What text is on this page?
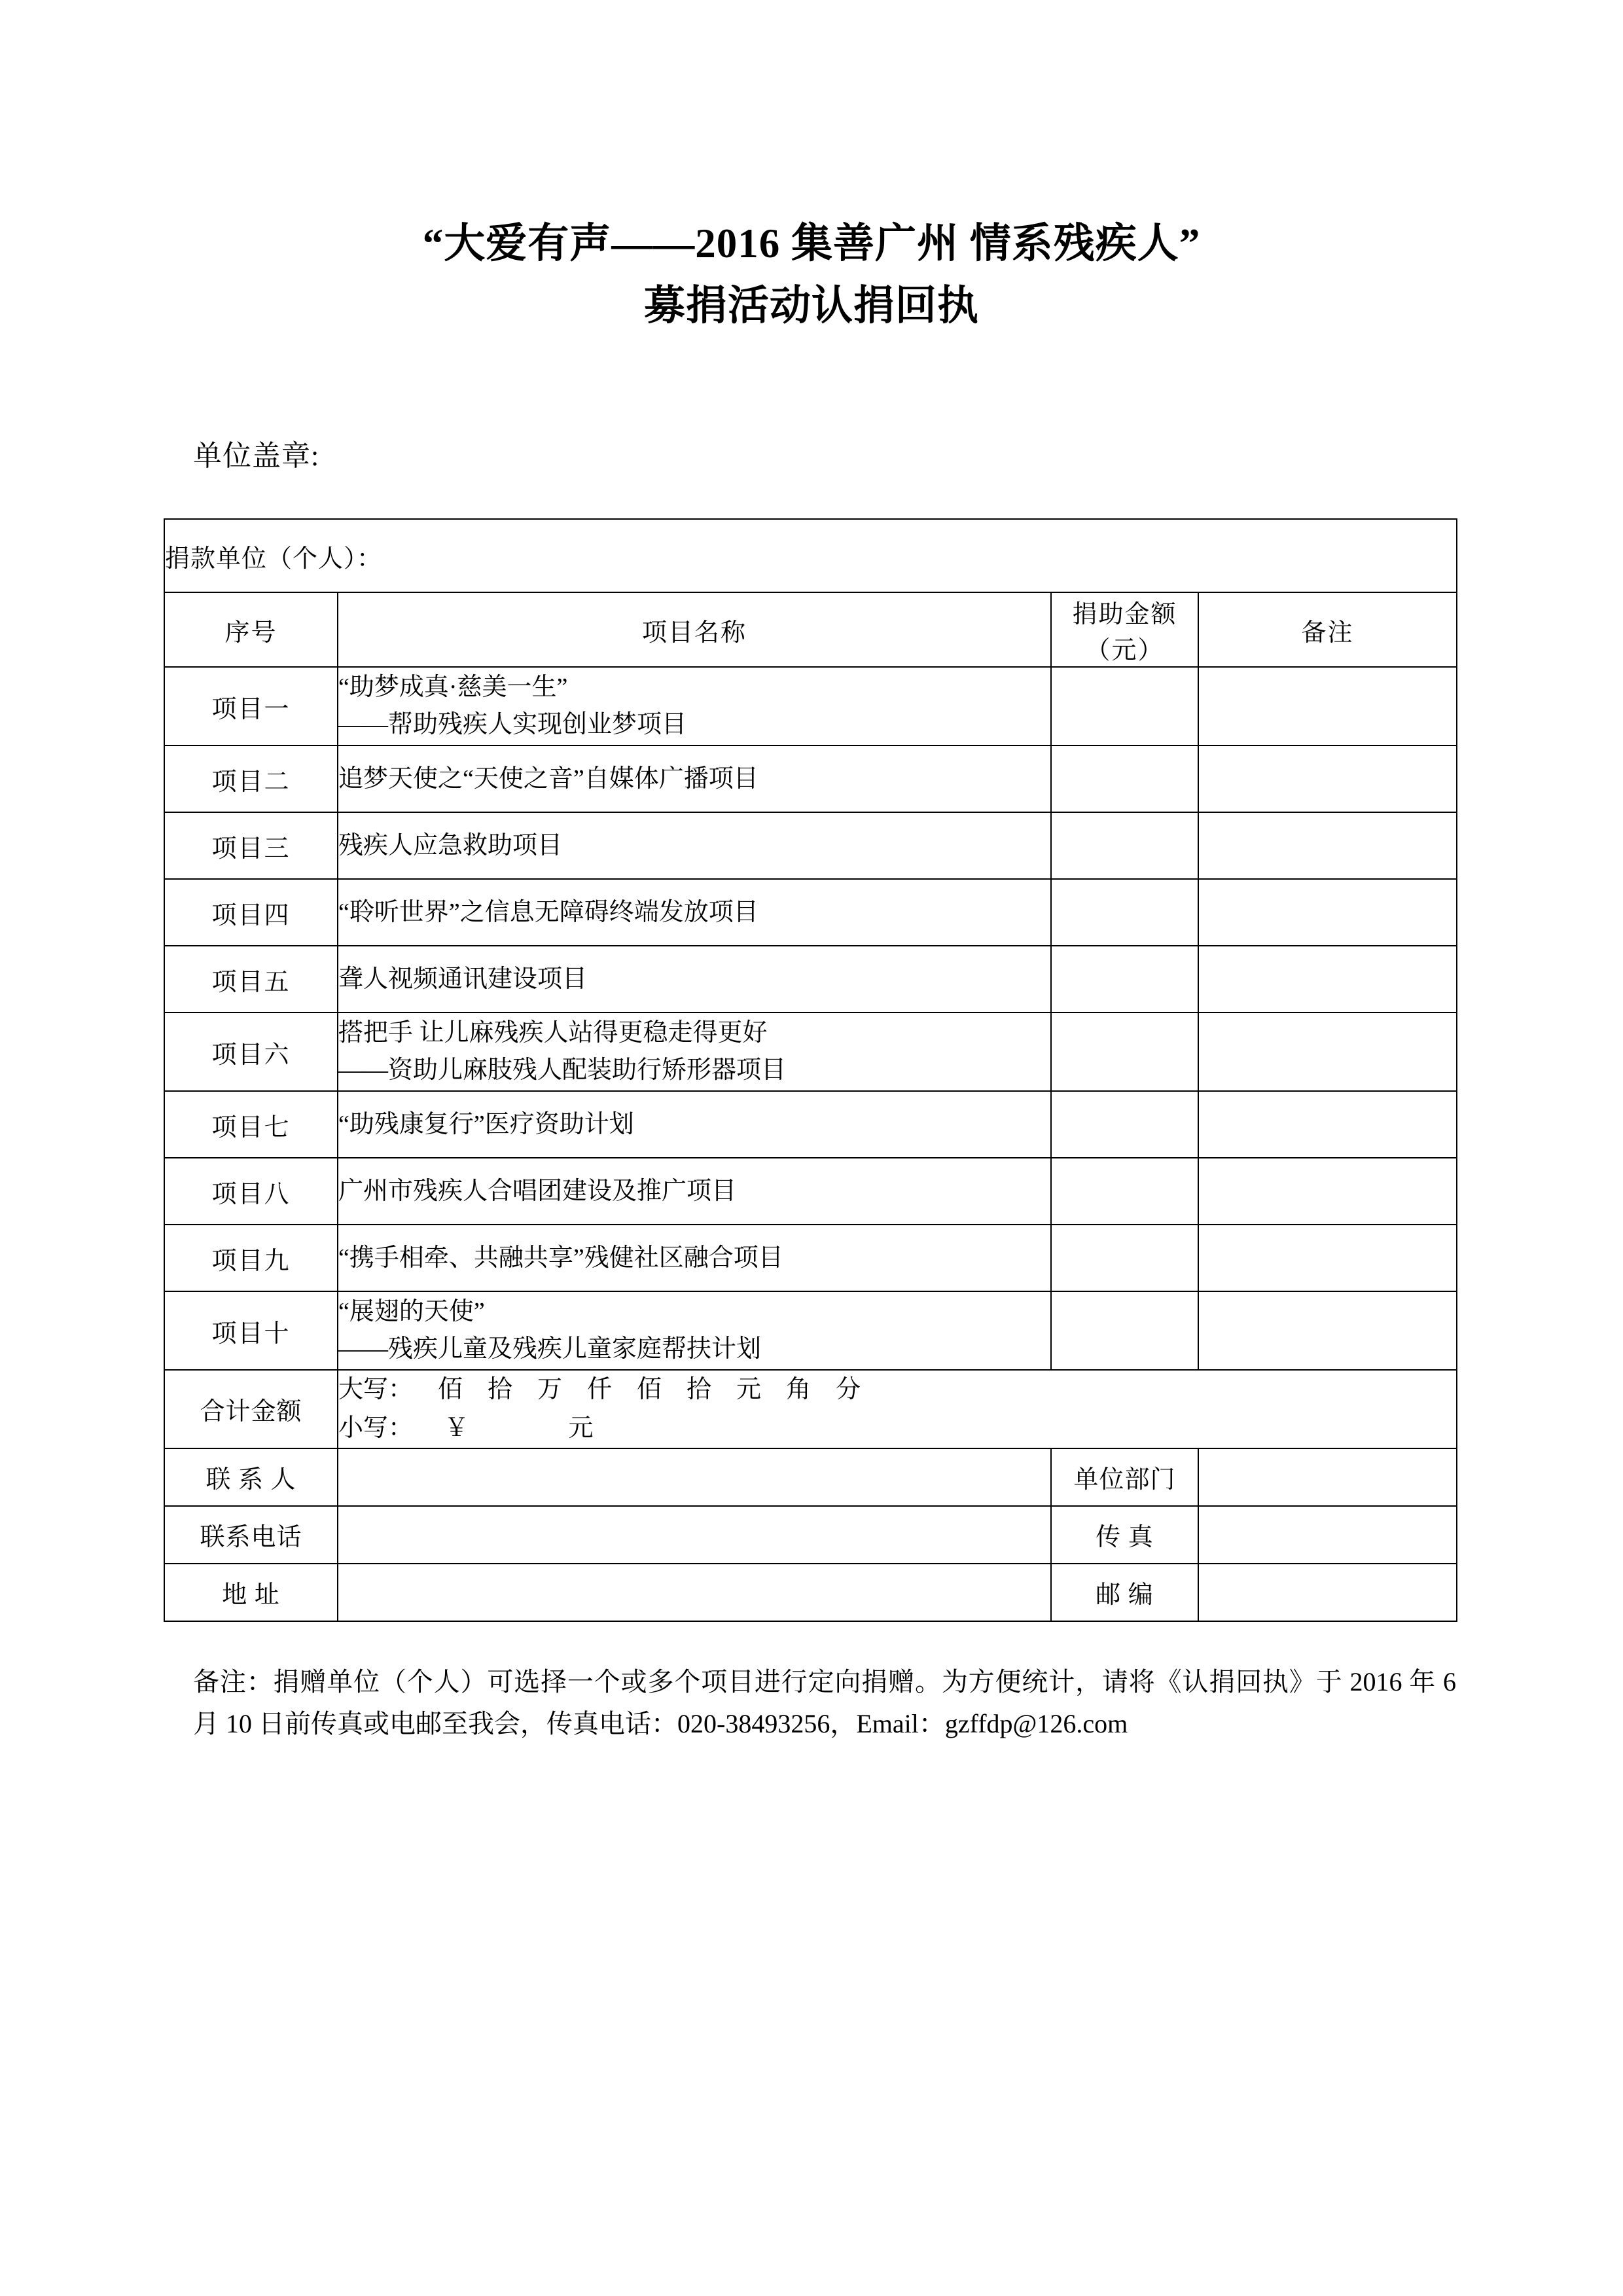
“大爱有声——2016 集善广州 情系残疾人”
募捐活动认捐回执
单位盖章:
捐款单位（个人）：			
序号	项目名称	捐助金额（元）	备注
项目一	“助梦成真·慈美一生”
——帮助残疾人实现创业梦项目		

项目二	追梦天使之“天使之音”自媒体广播项目		
项目三	残疾人应急救助项目		
项目四	“聆听世界”之信息无障碍终端发放项目		
项目五	聋人视频通讯建设项目		
项目六	搭把手 让儿麻残疾人站得更稳走得更好
——资助儿麻肢残人配装助行矫形器项目		

项目七	“助残康复行”医疗资助计划		
项目八	广州市残疾人合唱团建设及推广项目		
项目九	“携手相牵、共融共享”残健社区融合项目		
项目十	“展翅的天使”
——残疾儿童及残疾儿童家庭帮扶计划		

合计金额	大写：    佰    拾    万    仟    佰    拾    元    角    分
小写：     ￥                元		

联 系 人		单位部门	
联系电话		传 真	
地 址		邮 编	

备注：捐赠单位（个人）可选择一个或多个项目进行定向捐赠。为方便统计，请将《认捐回执》于 2016 年 6 月 10 日前传真或电邮至我会，传真电话：020-38493256，Email：gzffdp@126.com
